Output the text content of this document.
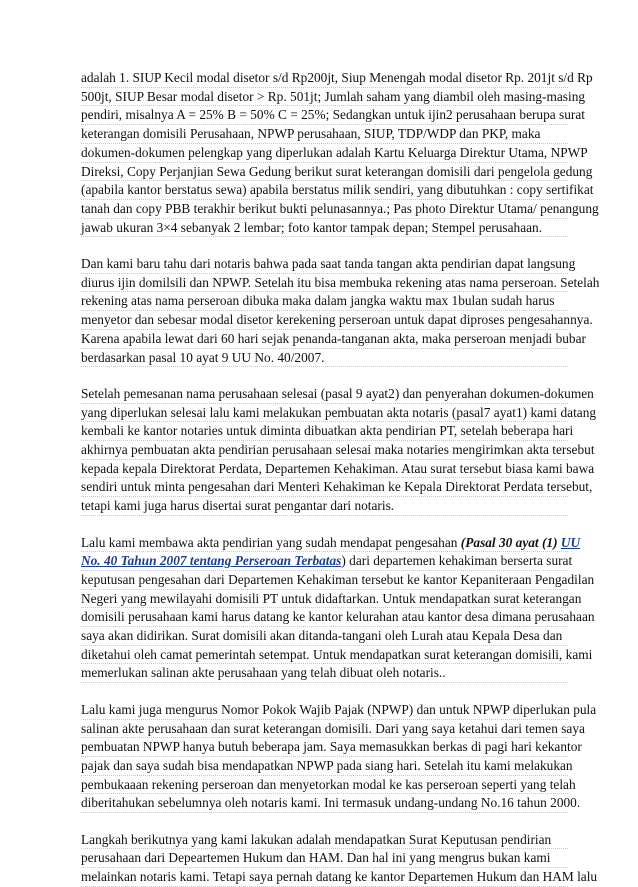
adalah 1. SIUP Kecil modal disetor s/d Rp200jt, Siup Menengah modal disetor Rp. 201jt s/d Rp
500jt, SIUP Besar modal disetor > Rp. 501jt; Jumlah saham yang diambil oleh masing-masing
pendiri, misalnya A = 25% B = 50% C = 25%; Sedangkan untuk ijin2 perusahaan berupa surat
keterangan domisili Perusahaan, NPWP perusahaan, SIUP, TDP/WDP dan PKP, maka
dokumen-dokumen pelengkap yang diperlukan adalah Kartu Keluarga Direktur Utama, NPWP
Direksi, Copy Perjanjian Sewa Gedung berikut surat keterangan domisili dari pengelola gedung
(apabila kantor berstatus sewa) apabila berstatus milik sendiri, yang dibutuhkan : copy sertifikat
tanah dan copy PBB terakhir berikut bukti pelunasannya.; Pas photo Direktur Utama/ penangung
jawab ukuran 3×4 sebanyak 2 lembar; foto kantor tampak depan; Stempel perusahaan.

Dan kami baru tahu dari notaris bahwa pada saat tanda tangan akta pendirian dapat langsung
diurus ijin domilsili dan NPWP. Setelah itu bisa membuka rekening atas nama perseroan. Setelah
rekening atas nama perseroan dibuka maka dalam jangka waktu max 1bulan sudah harus
menyetor dan sebesar modal disetor kerekening perseroan untuk dapat diproses pengesahannya.
Karena apabila lewat dari 60 hari sejak penanda-tanganan akta, maka perseroan menjadi bubar
berdasarkan pasal 10 ayat 9 UU No. 40/2007.

Setelah pemesanan nama perusahaan selesai (pasal 9 ayat2) dan penyerahan dokumen-dokumen
yang diperlukan selesai lalu kami melakukan pembuatan akta notaris (pasal7 ayat1) kami datang
kembali ke kantor notaries untuk diminta dibuatkan akta pendirian PT, setelah beberapa hari
akhirnya pembuatan akta pendirian perusahaan selesai maka notaries mengirimkan akta tersebut
kepada kepala Direktorat Perdata, Departemen Kehakiman. Atau surat tersebut biasa kami bawa
sendiri untuk minta pengesahan dari Menteri Kehakiman ke Kepala Direktorat Perdata tersebut,
tetapi kami juga harus disertai surat pengantar dari notaris.

Lalu kami membawa akta pendirian yang sudah mendapat pengesahan (Pasal 30 ayat (1) UU
No. 40 Tahun 2007 tentang Perseroan Terbatas) dari departemen kehakiman berserta surat
keputusan pengesahan dari Departemen Kehakiman tersebut ke kantor Kepaniteraan Pengadilan
Negeri yang mewilayahi domisili PT untuk didaftarkan. Untuk mendapatkan surat keterangan
domisili perusahaan kami harus datang ke kantor kelurahan atau kantor desa dimana perusahaan
saya akan didirikan. Surat domisili akan ditanda-tangani oleh Lurah atau Kepala Desa dan
diketahui oleh camat pemerintah setempat. Untuk mendapatkan surat keterangan domisili, kami
memerlukan salinan akte perusahaan yang telah dibuat oleh notaris..

Lalu kami juga mengurus Nomor Pokok Wajib Pajak (NPWP) dan untuk NPWP diperlukan pula
salinan akte perusahaan dan surat keterangan domisili. Dari yang saya ketahui dari temen saya
pembuatan NPWP hanya butuh beberapa jam. Saya memasukkan berkas di pagi hari kekantor
pajak dan saya sudah bisa mendapatkan NPWP pada siang hari. Setelah itu kami melakukan
pembukaaan rekening perseroan dan menyetorkan modal ke kas perseroan seperti yang telah
diberitahukan sebelumnya oleh notaris kami. Ini termasuk undang-undang No.16 tahun 2000.

Langkah berikutnya yang kami lakukan adalah mendapatkan Surat Keputusan pendirian
perusahaan dari Depeartemen Hukum dan HAM. Dan hal ini yang mengrus bukan kami
melainkan notaris kami. Tetapi saya pernah datang ke kantor Departemen Hukum dan HAM lalu
